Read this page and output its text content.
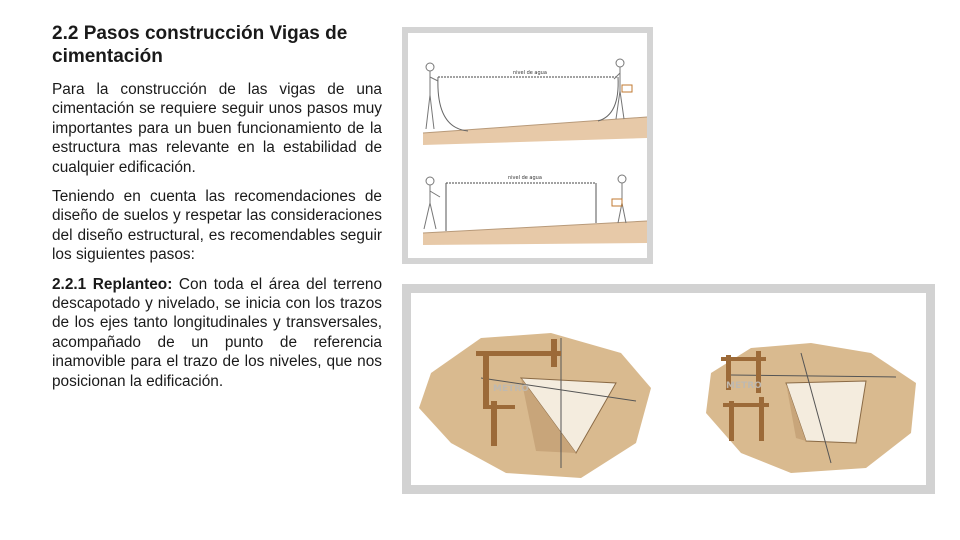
2.2 Pasos construcción Vigas de cimentación

Para la construcción de las vigas de una cimentación se requiere seguir unos pasos muy importantes para un buen funcionamiento de la estructura mas relevante en la estabilidad de cualquier edificación.

Teniendo en cuenta las recomendaciones de diseño de suelos y respetar las consideraciones del diseño estructural, es recomendables seguir los siguientes pasos:

2.2.1 Replanteo: Con toda el área del terreno descapotado y nivelado, se inicia con los trazos de los ejes tanto longitudinales y transversales, acompañado de un punto de referencia inamovible para el trazo de los niveles, que nos posicionan la edificación.

nivel de agua
nivel de agua
METRO	METRO
